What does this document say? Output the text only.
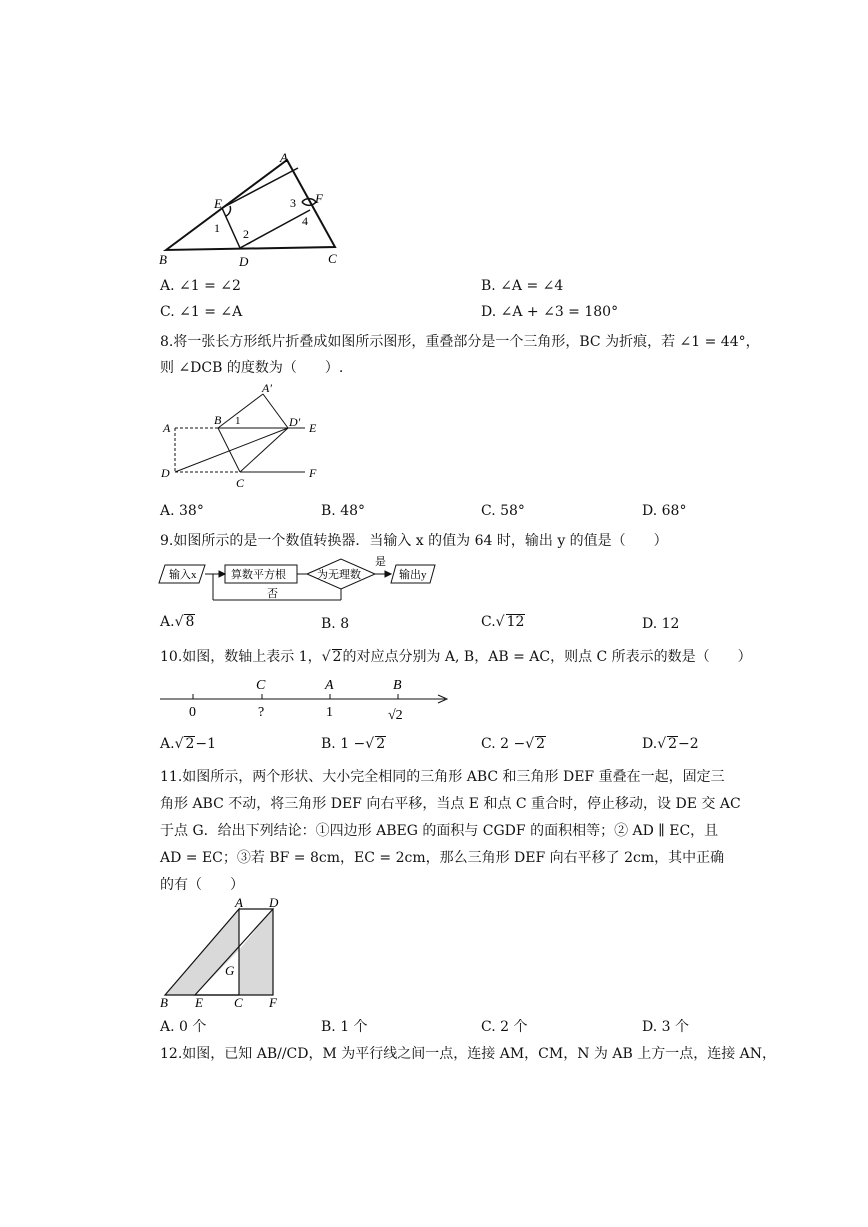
A
E	F
B	D	C
1 2
3
4
A. ∠1 = ∠2	B. ∠A = ∠4
C. ∠1 = ∠A	D. ∠A + ∠3 = 180°
8.将一张长方形纸片折叠成如图所示图形，重叠部分是一个三角形，BC 为折痕，若 ∠1 = 44°，
则 ∠DCB 的度数为（　　）.
A′
A
B	D′ E
D
C
F
1
A. 38°	B. 48°	C. 58°	D. 68°
9.如图所示的是一个数值转换器．当输入 x 的值为 64 时，输出 y 的值是（　　）
输入x	算数平方根	为无理数
是
输出y
否
A.√ 8	B. 8	C.√ 12	D. 12
10.如图，数轴上表示 1，√ 2的对应点分别为 A, B，AB = AC，则点 C 所表示的数是（　　）
C	A	B
0	?	1	√2
A.√ 2−1	B. 1 −√ 2	C. 2 −√ 2	D.√ 2−2
11.如图所示，两个形状、大小完全相同的三角形 ABC 和三角形 DEF 重叠在一起，固定三
角形 ABC 不动，将三角形 DEF 向右平移，当点 E 和点 C 重合时，停止移动，设 DE 交 AC
于点 G．给出下列结论：①四边形 ABEG 的面积与 CGDF 的面积相等；② AD ∥ EC，且
AD = EC；③若 BF = 8cm，EC = 2cm，那么三角形 DEF 向右平移了 2cm，其中正确
的有（　　）
A D
G
B E C F
A. 0 个	B. 1 个	C. 2 个	D. 3 个
12.如图，已知 AB//CD，M 为平行线之间一点，连接 AM，CM，N 为 AB 上方一点，连接 AN，
